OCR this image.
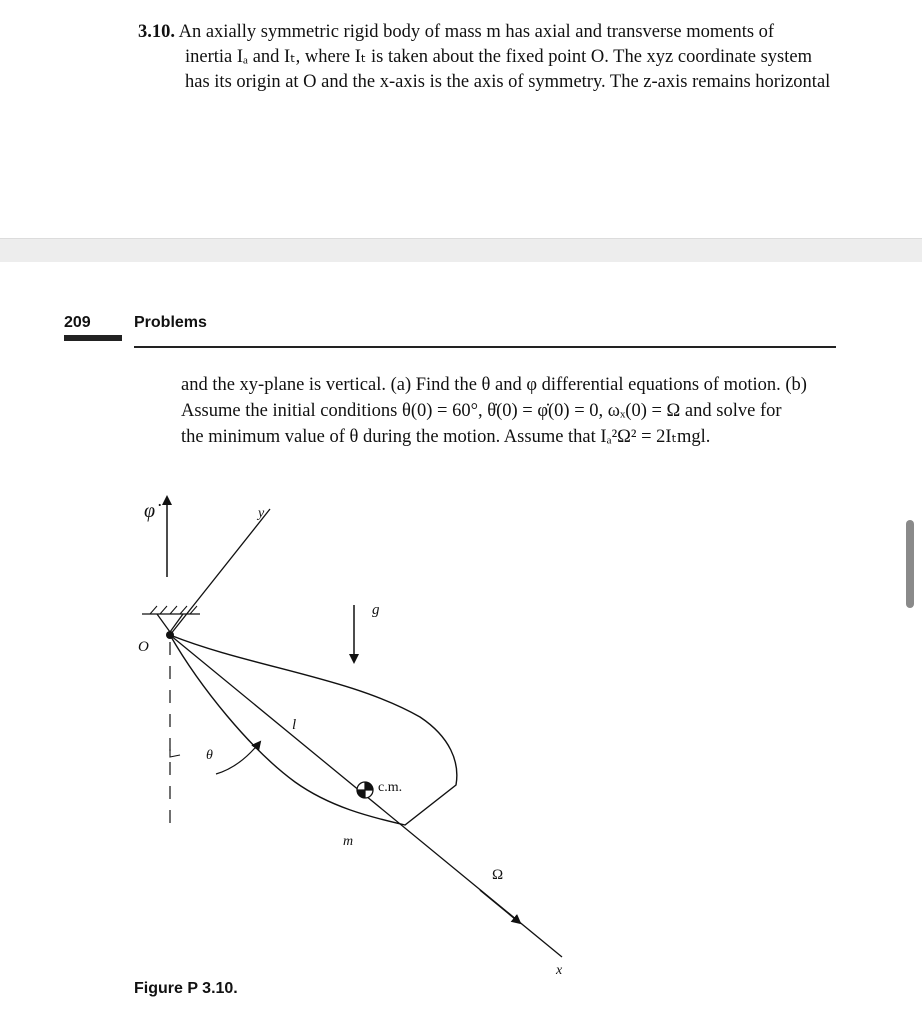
3.10. An axially symmetric rigid body of mass m has axial and transverse moments of
inertia Iₐ and Iₜ, where Iₜ is taken about the fixed point O. The xyz coordinate system
has its origin at O and the x-axis is the axis of symmetry. The z-axis remains horizontal
209	Problems
and the xy-plane is vertical. (a) Find the θ and φ differential equations of motion. (b)
Assume the initial conditions θ(0) = 60°, θ̇(0) = φ̇(0) = 0, ωₓ(0) = Ω and solve for
the minimum value of θ during the motion. Assume that Iₐ²Ω² = 2Iₜmgl.
φ̇	y
O
g
θ
l
c.m.
m
Ω
x
Figure P 3.10.
